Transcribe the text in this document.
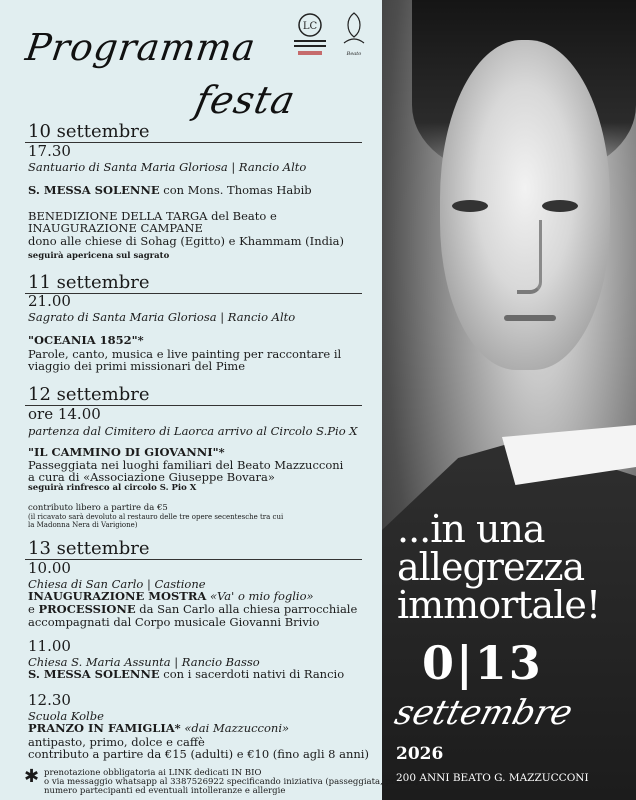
LC
Beato
Programma
festa
10 settembre
17.30
Santuario di Santa Maria Gloriosa | Rancio Alto
S. MESSA SOLENNE con Mons. Thomas Habib
BENEDIZIONE DELLA TARGA del Beato e
INAUGURAZIONE CAMPANE
dono alle chiese di Sohag (Egitto) e Khammam (India)
seguirà apericena sul sagrato
11 settembre
21.00
Sagrato di Santa Maria Gloriosa | Rancio Alto
"OCEANIA 1852"*
Parole, canto, musica e live painting per raccontare il
viaggio dei primi missionari del Pime
12 settembre
ore 14.00
partenza dal Cimitero di Laorca arrivo al Circolo S.Pio X
"IL CAMMINO DI GIOVANNI"*
Passeggiata nei luoghi familiari del Beato Mazzucconi
a cura di «Associazione Giuseppe Bovara»
seguirà rinfresco al circolo S. Pio X
contributo libero a partire da €5
(il ricavato sarà devoluto al restauro delle tre opere secentesche tra cui
la Madonna Nera di Varigione)
13 settembre
10.00
Chiesa di San Carlo | Castione
INAUGURAZIONE MOSTRA «Va' o mio foglio»
e PROCESSIONE da San Carlo alla chiesa parrocchiale
accompagnati dal Corpo musicale Giovanni Brivio
11.00
Chiesa S. Maria Assunta | Rancio Basso
S. MESSA SOLENNE con i sacerdoti nativi di Rancio
12.30
Scuola Kolbe
PRANZO IN FAMIGLIA* «dai Mazzucconi»
antipasto, primo, dolce e caffè
contributo a partire da €15 (adulti) e €10 (fino agli 8 anni)
✱ prenotazione obbligatoria ai LINK dedicati IN BIO
o via messaggio whatsapp al 3387526922 specificando iniziativa (passeggiata, pranzo)
numero partecipanti ed eventuali intolleranze e allergie
...in una
allegrezza
immortale!
0|13
settembre
2026
200 ANNI BEATO G. MAZZUCCONI
